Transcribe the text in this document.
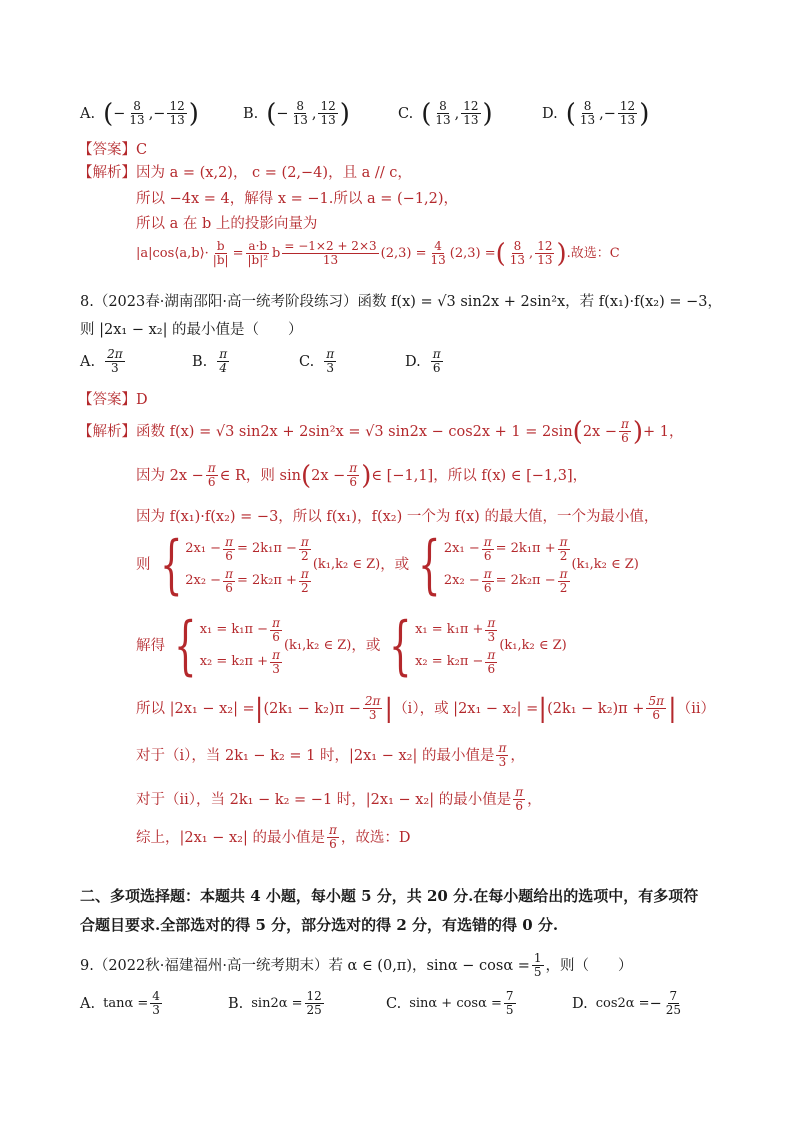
A. ( − $\frac{8}{13}$ , − $\frac{12}{13}$ )	B. ( − $\frac{8}{13}$ , $\frac{12}{13}$ )	C. ( $\frac{8}{13}$ , $\frac{12}{13}$ )	D. ( $\frac{8}{13}$ , − $\frac{12}{13}$ )
【答案】C
【解析】因为 a = (x,2)， c = (2,−4)，且 a // c，
所以 −4x = 4，解得 x = −1.所以 a = (−1,2)，
所以 a 在 b 上的投影向量为
|a|cos⟨a,b⟩· $\frac{b}{|b|} = \frac{a\cdot b}{\text{|b|²}}$ b $\frac{= -1\times 2 + 2\times 3}{13} (2,3) = \frac{4}{13} (2,3)$ = ( $\frac{8}{13}$ , $\frac{12}{13}$ ) .故选：C
8.（2023春·湖南邵阳·高一统考阶段练习）函数 f(x) = √3 sin2x + 2sin²x，若 f(x₁)·f(x₂) = −3，
则 |2x₁ − x₂| 的最小值是（　　）
A. $\frac{2\pi}{3}$	B. $\frac{\pi}{4}$	C. $\frac{\pi}{3}$	D. $\frac{\pi}{6}$
【答案】D
【解析】 函数 f(x) = √3 sin2x + 2sin²x = √3 sin2x − cos2x + 1 = 2sin ( $2x - \frac{\pi}{6}$ ) + 1，
因为 $2x - \frac{\pi}{6}$ ∈ R，则 sin ( $2x - \frac{\pi}{6}$ ) ∈ [−1,1]，所以 f(x) ∈ [−1,3]，
因为 f(x₁)·f(x₂) = −3，所以 f(x₁)，f(x₂) 一个为 f(x) 的最大值，一个为最小值，
则 { $2x_1 - \frac{\pi}{6} = 2k_1\pi - \frac{\pi}{2}$
$2x_2 - \frac{\pi}{6} = 2k_2\pi + \frac{\pi}{2}$
(k₁,k₂ ∈ Z) ，或 { $2x_1 - \frac{\pi}{6} = 2k_1\pi + \frac{\pi}{2}$
$2x_2 - \frac{\pi}{6} = 2k_2\pi - \frac{\pi}{2}$
(k₁,k₂ ∈ Z)
解得 { $x_1 = k_1\pi - \frac{\pi}{6}$
$x_2 = k_2\pi + \frac{\pi}{3}$
(k₁,k₂ ∈ Z) ，或 { $x_1 = k_1\pi + \frac{\pi}{3}$
$x_2 = k_2\pi - \frac{\pi}{6}$
(k₁,k₂ ∈ Z)
所以 |2x₁ − x₂| = | $(2k_1 - k_2)\pi - \frac{2\pi}{3}$ | （i），或 |2x₁ − x₂| = | $(2k_1 - k_2)\pi + \frac{5\pi}{6}$ | （ii）
对于（i），当 2k₁ − k₂ = 1 时，|2x₁ − x₂| 的最小值是 $\frac{\pi}{3}$ ，
对于（ii），当 2k₁ − k₂ = −1 时，|2x₁ − x₂| 的最小值是 $\frac{\pi}{6}$ ，
综上，|2x₁ − x₂| 的最小值是 $\frac{\pi}{6}$ ，故选：D
二、多项选择题：本题共 4 小题，每小题 5 分，共 20 分.在每小题给出的选项中，有多项符
合题目要求.全部选对的得 5 分，部分选对的得 2 分，有选错的得 0 分.
9.（2022秋·福建福州·高一统考期末）若 α ∈ (0,π)，$\sin\alpha - \cos\alpha = \frac{1}{5}$ ，则（　　）
A. $\tan\alpha = \frac{4}{3}$	B. $\sin 2\alpha = \frac{12}{25}$	C. $\sin\alpha + \cos\alpha = \frac{7}{5}$	D. cos2α = − $\frac{7}{25}$
